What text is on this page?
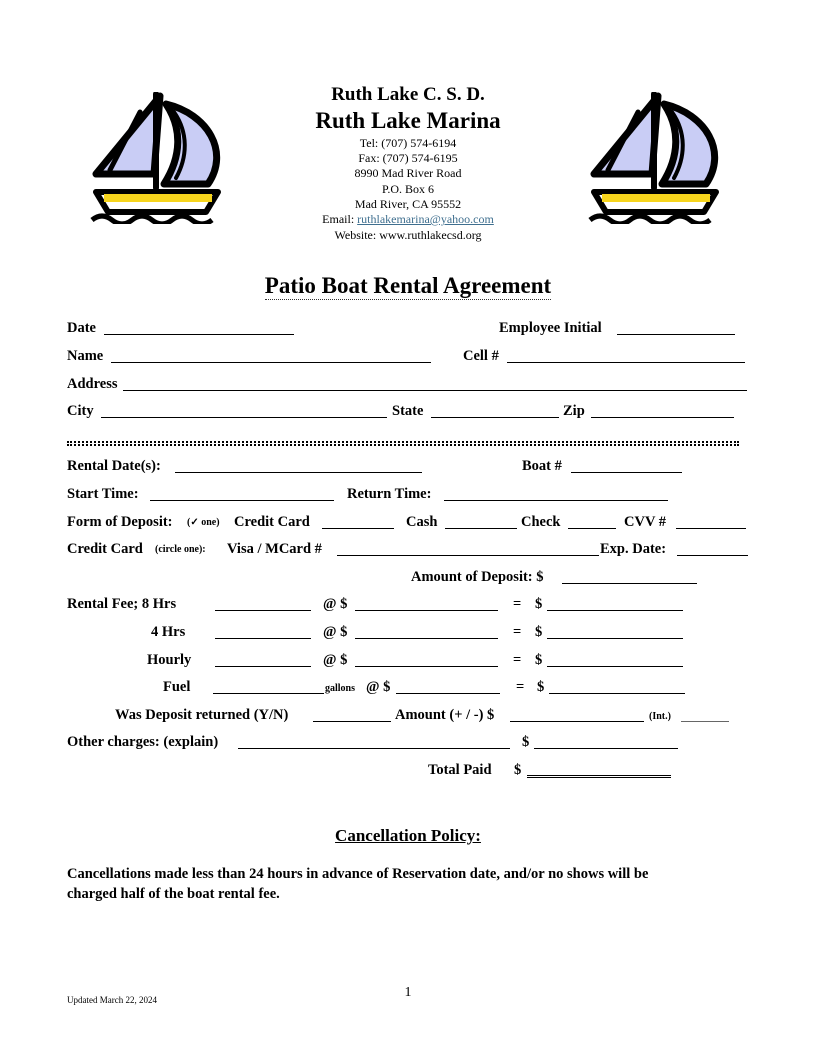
Ruth Lake C. S. D.
Ruth Lake Marina
Tel: (707) 574-6194
Fax: (707) 574-6195
8990 Mad River Road
P.O. Box 6
Mad River, CA 95552
Email: ruthlakemarina@yahoo.com
Website: www.ruthlakecsd.org
Patio Boat Rental Agreement
Date	Employee Initial
Name	Cell #
Address
City	State	Zip
Rental Date(s):	Boat #
Start Time:	Return Time:
Form of Deposit: (✓ one) Credit Card	Cash	Check	CVV #
Credit Card (circle one): Visa / MCard #	Exp. Date:
Amount of Deposit: $
Rental Fee; 8 Hrs	@ $	= $
4 Hrs	@ $	= $
Hourly	@ $	= $
Fuel	gallons @ $	= $
Was Deposit returned (Y/N)	Amount (+ / -) $	(Int.)
Other charges: (explain)	$
Total Paid $
Cancellation Policy:
Cancellations made less than 24 hours in advance of Reservation date, and/or no shows will be
charged half of the boat rental fee.
1
Updated March 22, 2024
